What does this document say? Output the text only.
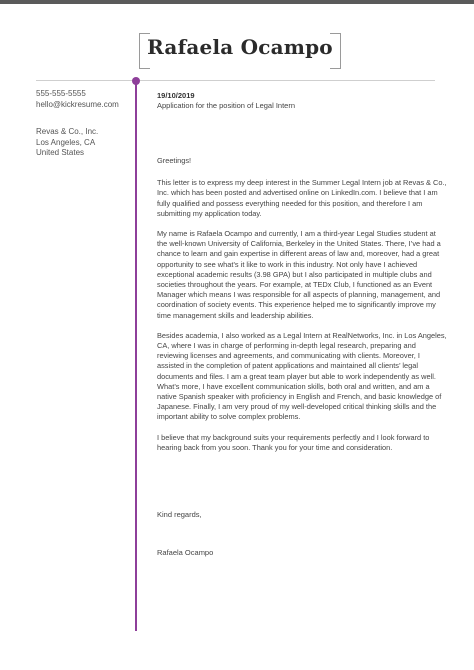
Rafaela Ocampo
555-555-5555
hello@kickresume.com
Revas & Co., Inc.
Los Angeles, CA
United States
19/10/2019
Application for the position of Legal Intern

Greetings!

This letter is to express my deep interest in the Summer Legal Intern job at Revas & Co., Inc. which has been posted and advertised online on LinkedIn.com. I believe that I am fully qualified and possess everything needed for this position, and therefore I am submitting my application today.

My name is Rafaela Ocampo and currently, I am a third-year Legal Studies student at the well-known University of California, Berkeley in the United States. There, I’ve had a chance to learn and gain expertise in different areas of law and, moreover, had a great opportunity to see what’s it like to work in this industry. Not only have I achieved exceptional academic results (3.98 GPA) but I also participated in multiple clubs and societies throughout the years. For example, at TEDx Club, I functioned as an Event Manager which means I was responsible for all aspects of planning, management, and coordination of society events. This experience helped me to significantly improve my time management skills and leadership abilities.

Besides academia, I also worked as a Legal Intern at RealNetworks, Inc. in Los Angeles, CA, where I was in charge of performing in-depth legal research, preparing and reviewing licenses and agreements, and communicating with clients. Moreover, I assisted in the completion of patent applications and maintained all clients’ legal documents and files. I am a great team player but able to work independently as well. What’s more, I have excellent communication skills, both oral and written, and am a native Spanish speaker with proficiency in English and French, and basic knowledge of Japanese. Finally, I am very proud of my well-developed critical thinking skills and the important ability to solve complex problems.

I believe that my background suits your requirements perfectly and I look forward to hearing back from you soon. Thank you for your time and consideration.

Kind regards,
Rafaela Ocampo
